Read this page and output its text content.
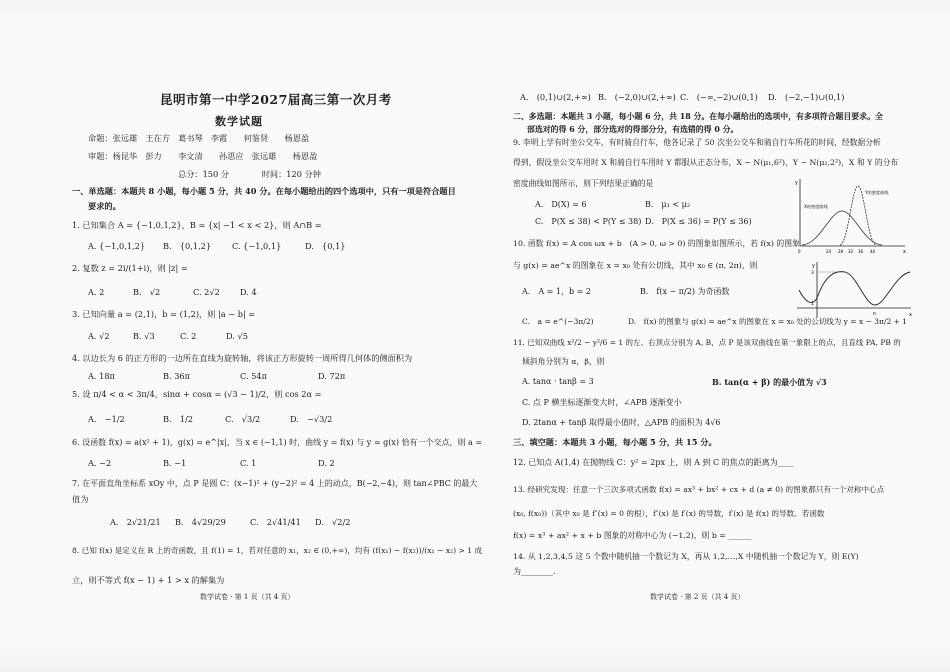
昆明市第一中学2027届高三第一次月考
数学试题
命题：张远雄　王在方　葛书琴　李霞　　何鉴贤　　杨恩盈
审题：杨昆华　彭力　　李文清　　孙思应　张远雄　　杨恩盈
总分：150 分　　　　时间：120 分钟
一、单选题：本题共 8 小题，每小题 5 分，共 40 分。在每小题给出的四个选项中，只有一项是符合题目
要求的。
1. 已知集合 A = {−1,0,1,2}，B = {x| −1 < x < 2}，则 A∩B =
A. {−1,0,1,2} B.　{0,1,2}	C. {−1,0,1}	D.　{0,1}
2. 复数 z = 2i/(1+i)，则 |z| =
A. 2	B.　√2	C. 2√2 D. 4
3. 已知向量 a = (2,1)，b = (1,2)，则 |a − b| =
A. √2	B. √3	C. 2	D. √5
4. 以边长为 6 的正方形的一边所在直线为旋转轴，将该正方形旋转一周所得几何体的侧面积为
A. 18π	B. 36π	C. 54π	D. 72π
5. 设 π/4 < α < 3π/4，sinα + cosα = (√3 − 1)/2，则 cos 2α =
A.　−1/2	B.　1/2	C.　√3/2	D.　−√3/2
6. 设函数 f(x) = a(x² + 1)，g(x) = e^|x|，当 x ∈ (−1,1) 时，曲线 y = f(x) 与 y = g(x) 恰有一个交点，则 a =
A. −2	B. −1	C. 1	D. 2
7. 在平面直角坐标系 xOy 中，点 P 是圆 C：(x−1)² + (y−2)² = 4 上的动点，B(−2,−4)，则 tan∠PBC 的最大
值为
A.　2√21/21 B.　4√29/29	C.　2√41/41 D.　√2/2
8. 已知 f(x) 是定义在 R 上的奇函数，且 f(1) = 1，若对任意的 x₁，x₂ ∈ (0,+∞)，均有 (f(x₁) − f(x₂))/(x₁ − x₂) > 1 成
立，则不等式 f(x − 1) + 1 > x 的解集为
数学试卷 · 第 1 页（共 4 页）
A.　(0,1)∪(2,+∞) B.　(−2,0)∪(2,+∞) C.　(−∞,−2)∪(0,1) D.　(−2,−1)∪(0,1)
二、多选题：本题共 3 小题，每小题 6 分，共 18 分。在每小题给出的选项中，有多项符合题目要求。全
部选对的得 6 分，部分选对的得部分分，有选错的得 0 分。
9. 李明上学有时坐公交车，有时骑自行车，他各记录了 50 次坐公交车和骑自行车所花的时间，经数据分析
得到，假设坐公交车用时 X 和骑自行车用时 Y 都服从正态分布，X ~ N(μ₁,6²)，Y ~ N(μ₂,2²)，X 和 Y 的分布
密度曲线如图所示，则下列结果正确的是
A.　D(X) = 6	B.　μ₁ < μ₂
C.　P(X ≤ 38) < P(Y ≤ 38) D.　P(X ≤ 36) = P(Y ≤ 36)
10. 函数 f(x) = A cos ωx + b　(A > 0, ω > 0) 的图象如图所示，若 f(x) 的图象
与 g(x) = ae^x 的图象在 x = x₀ 处有公切线，其中 x₀ ∈ (π, 2π)，则
A.　A = 1，b = 2	B.　f(x − π/2) 为奇函数
C.　a = e^(−3π/2)	D.　f(x) 的图象与 g(x) = ae^x 的图象在 x = x₀ 处的公切线为 y = x − 3π/2 + 1
11. 已知双曲线 x²/2 − y²/6 = 1 的左、右顶点分别为 A, B，点 P 是该双曲线在第一象限上的点，且直线 PA, PB 的
倾斜角分别为 α，β，则
A. tanα · tanβ = 3	B. tan(α + β) 的最小值为 √3
C. 点 P 横坐标逐渐变大时，∠APB 逐渐变小
D. 2tanα + tanβ 取得最小值时，△APB 的面积为 4√6
三、填空题：本题共 3 小题，每小题 5 分，共 15 分。
12. 已知点 A(1,4) 在抛物线 C：y² = 2px 上，则 A 到 C 的焦点的距离为____
13. 经研究发现：任意一个三次多项式函数 f(x) = ax³ + bx² + cx + d (a ≠ 0) 的图象都只有一个对称中心点
(x₀, f(x₀))（其中 x₀ 是 f″(x) = 0 的根），f″(x) 是 f′(x) 的导数，f′(x) 是 f(x) 的导数。若函数
f(x) = x³ + ax² + x + b 图象的对称中心为 (−1,2)，则 b = ______
14. 从 1,2,3,4,5 这 5 个数中随机抽一个数记为 X，再从 1,2,…,X 中随机抽一个数记为 Y，则 E(Y)
为________.
数学试卷 · 第 2 页（共 4 页）
y
x
X的密度曲线
Y的密度曲线
0	24 28 32 36 40
y
x
3
1
π
